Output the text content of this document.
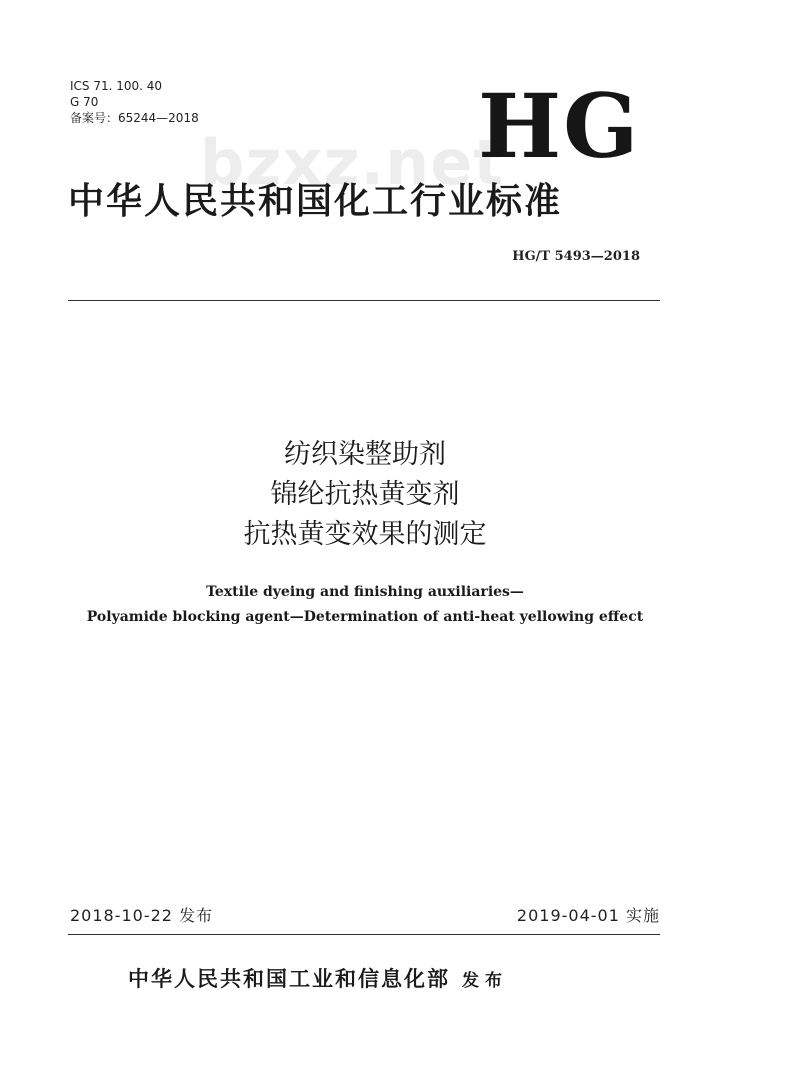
ICS 71. 100. 40
G 70
备案号：65244—2018	HG
bzxz.net
中华人民共和国化工行业标准
HG/T 5493—2018
纺织染整助剂
锦纶抗热黄变剂
抗热黄变效果的测定
Textile dyeing and finishing auxiliaries—
Polyamide blocking agent—Determination of anti-heat yellowing effect
2018-10-22 发布	2019-04-01 实施
中华人民共和国工业和信息化部 发布
